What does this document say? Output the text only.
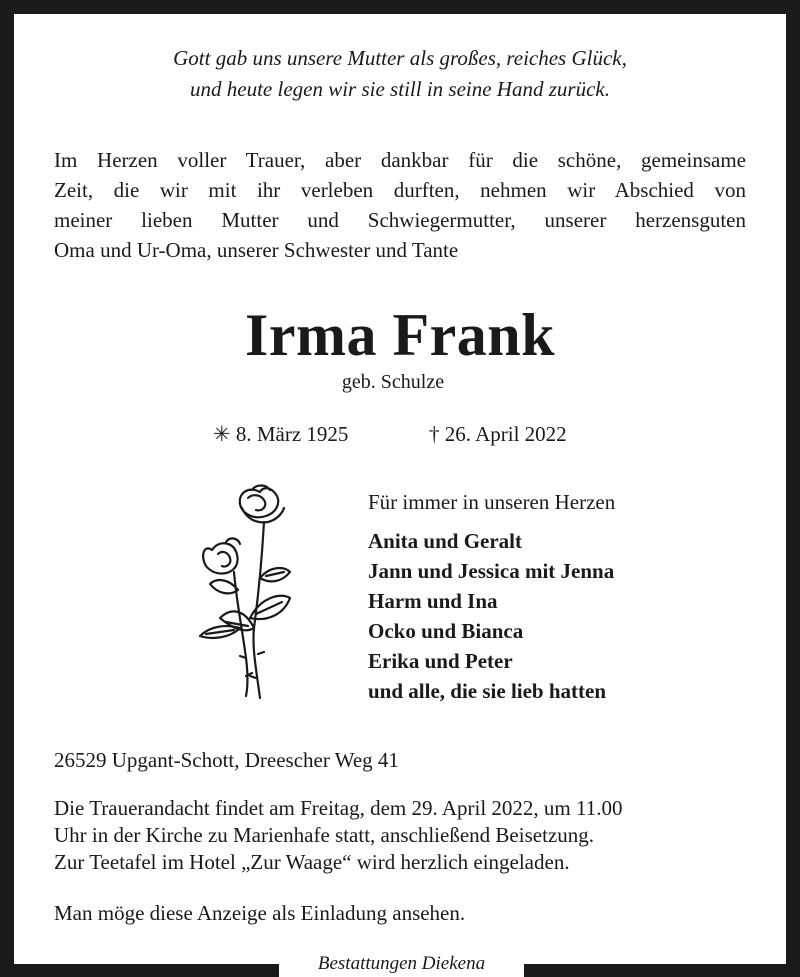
Gott gab uns unsere Mutter als großes, reiches Glück,
und heute legen wir sie still in seine Hand zurück.
Im Herzen voller Trauer, aber dankbar für die schöne, gemeinsame
Zeit, die wir mit ihr verleben durften, nehmen wir Abschied von
meiner lieben Mutter und Schwiegermutter, unserer herzensguten
Oma und Ur-Oma, unserer Schwester und Tante
Irma Frank
geb. Schulze
✳ 8. März 1925	† 26. April 2022
Für immer in unseren Herzen
Anita und Geralt
Jann und Jessica mit Jenna
Harm und Ina
Ocko und Bianca
Erika und Peter
und alle, die sie lieb hatten
26529 Upgant-Schott, Dreescher Weg 41
Die Trauerandacht findet am Freitag, dem 29. April 2022, um 11.00
Uhr in der Kirche zu Marienhafe statt, anschließend Beisetzung.
Zur Teetafel im Hotel „Zur Waage“ wird herzlich eingeladen.
Man möge diese Anzeige als Einladung ansehen.
Bestattungen Diekena
